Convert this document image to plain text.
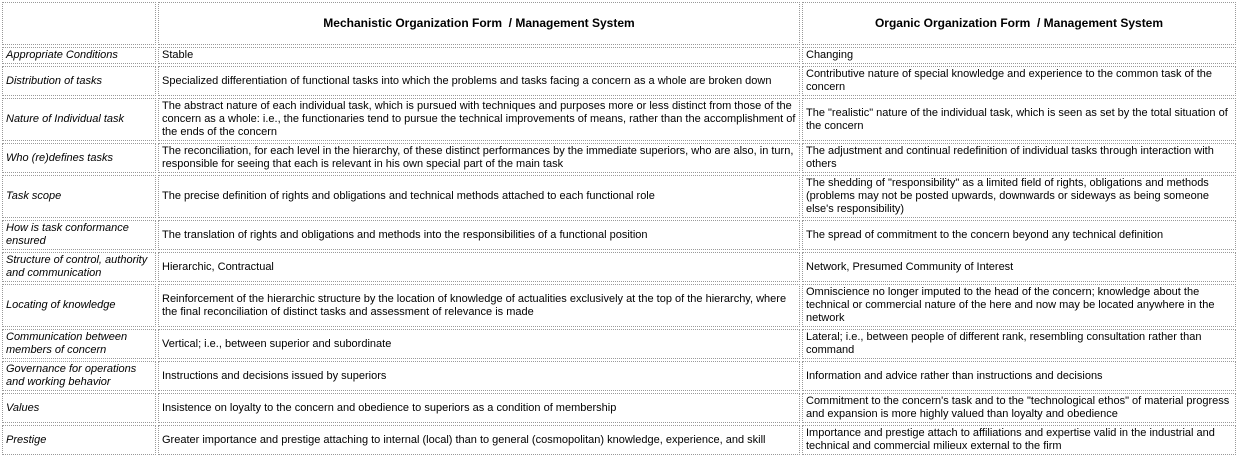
	Mechanistic Organization Form  / Management System	Organic Organization Form  / Management System
Appropriate Conditions	Stable	Changing
Distribution of tasks	Specialized differentiation of functional tasks into which the problems and tasks facing a concern as a whole are broken down	Contributive nature of special knowledge and experience to the common task of the concern
Nature of Individual task	The abstract nature of each individual task, which is pursued with techniques and purposes more or less distinct from those of the concern as a whole: i.e., the functionaries tend to pursue the technical improvements of means, rather than the accomplishment of the ends of the concern	The "realistic" nature of the individual task, which is seen as set by the total situation of the concern
Who (re)defines tasks	The reconciliation, for each level in the hierarchy, of these distinct performances by the immediate superiors, who are also, in turn, responsible for seeing that each is relevant in his own special part of the main task	The adjustment and continual redefinition of individual tasks through interaction with others
Task scope	The precise definition of rights and obligations and technical methods attached to each functional role	The shedding of "responsibility" as a limited field of rights, obligations and methods (problems may not be posted upwards, downwards or sideways as being someone else's responsibility)
How is task conformance ensured	The translation of rights and obligations and methods into the responsibilities of a functional position	The spread of commitment to the concern beyond any technical definition
Structure of control, authority and communication	Hierarchic, Contractual	Network, Presumed Community of Interest
Locating of knowledge	Reinforcement of the hierarchic structure by the location of knowledge of actualities exclusively at the top of the hierarchy, where the final reconciliation of distinct tasks and assessment of relevance is made	Omniscience no longer imputed to the head of the concern; knowledge about the technical or commercial nature of the here and now may be located anywhere in the network
Communication between members of concern	Vertical; i.e., between superior and subordinate	Lateral; i.e., between people of different rank, resembling consultation rather than command
Governance for operations and working behavior	Instructions and decisions issued by superiors	Information and advice rather than instructions and decisions
Values	Insistence on loyalty to the concern and obedience to superiors as a condition of membership	Commitment to the concern's task and to the "technological ethos" of material progress and expansion is more highly valued than loyalty and obedience
Prestige	Greater importance and prestige attaching to internal (local) than to general (cosmopolitan) knowledge, experience, and skill	Importance and prestige attach to affiliations and expertise valid in the industrial and technical and commercial milieux external to the firm
